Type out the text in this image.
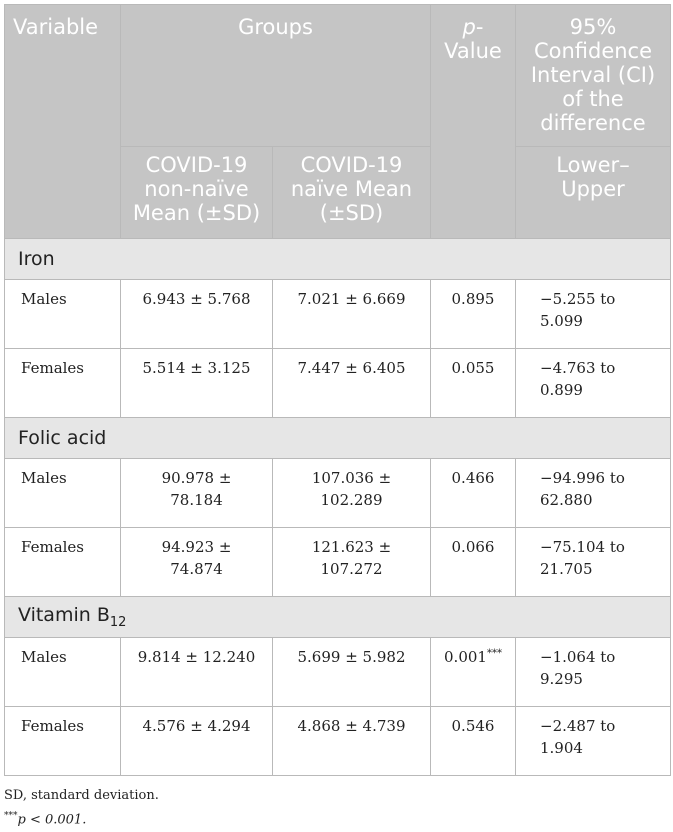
Variable	Groups		p-Value	95% Confidence Interval (CI) of the difference
	COVID-19 non-naïve Mean (±SD)	COVID-19 naïve Mean (±SD)		Lower–Upper
Iron				
Males	6.943 ± 5.768	7.021 ± 6.669	0.895	−5.255 to 5.099
Females	5.514 ± 3.125	7.447 ± 6.405	0.055	−4.763 to 0.899
Folic acid				
Males	90.978 ± 78.184	107.036 ± 102.289	0.466	−94.996 to 62.880
Females	94.923 ± 74.874	121.623 ± 107.272	0.066	−75.104 to 21.705
Vitamin $B_{12}$
Males	9.814 ± 12.240	5.699 ± 5.982	0.001***	−1.064 to 9.295
Females	4.576 ± 4.294	4.868 ± 4.739	0.546	−2.487 to 1.904
SD, standard deviation.
***p < 0.001.
